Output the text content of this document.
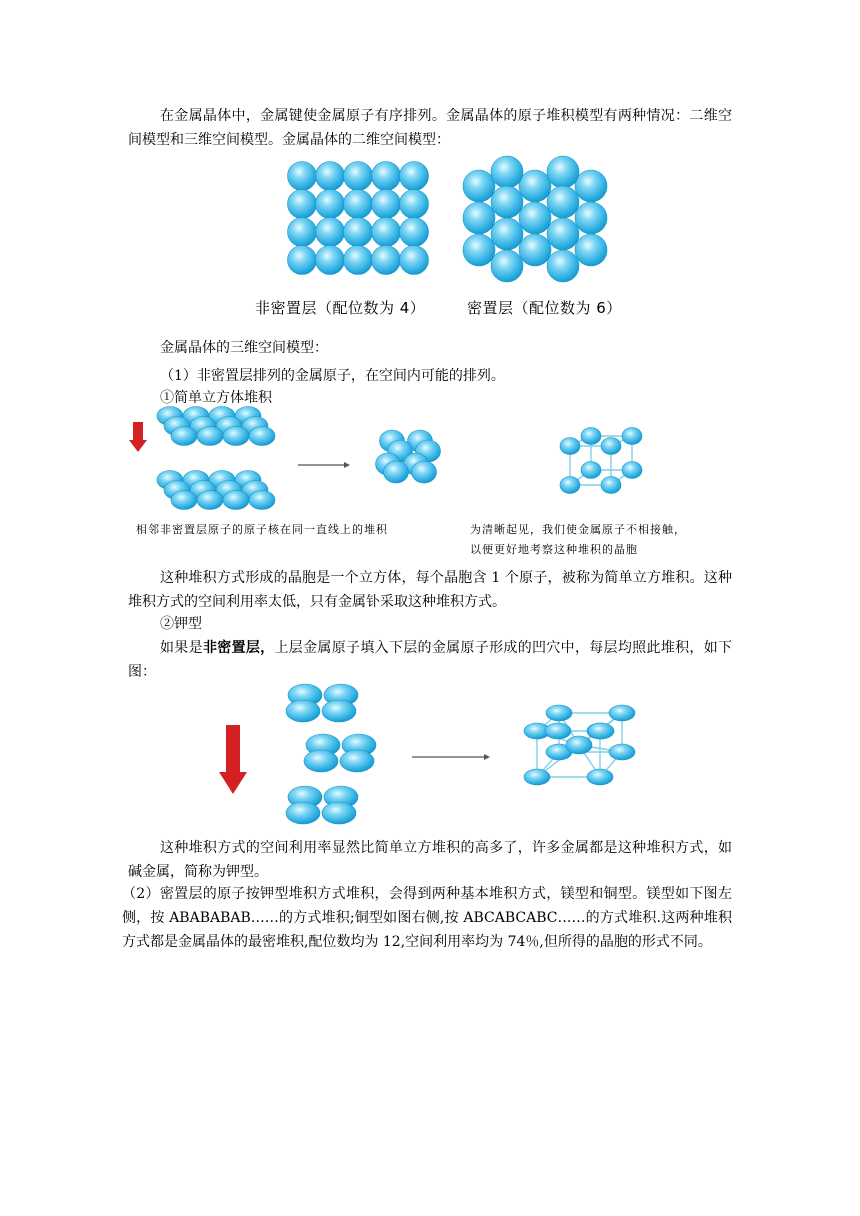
在金属晶体中，金属键使金属原子有序排列。金属晶体的原子堆积模型有两种情况：二维空间模型和三维空间模型。金属晶体的二维空间模型：
非密置层（配位数为 4）	密置层（配位数为 6）
金属晶体的三维空间模型：
（1）非密置层排列的金属原子，在空间内可能的排列。
①简单立方体堆积
相邻非密置层原子的原子核在同一直线上的堆积	为清晰起见，我们使金属原子不相接触，
以便更好地考察这种堆积的晶胞
这种堆积方式形成的晶胞是一个立方体，每个晶胞含 1 个原子，被称为简单立方堆积。这种堆积方式的空间利用率太低，只有金属钋采取这种堆积方式。
②钾型
如果是非密置层，上层金属原子填入下层的金属原子形成的凹穴中，每层均照此堆积，如下图：
这种堆积方式的空间利用率显然比简单立方堆积的高多了，许多金属都是这种堆积方式，如碱金属，简称为钾型。
（2）密置层的原子按钾型堆积方式堆积，会得到两种基本堆积方式，镁型和铜型。镁型如下图左侧，按 ABABABAB……的方式堆积;铜型如图右侧,按 ABCABCABC……的方式堆积.这两种堆积方式都是金属晶体的最密堆积,配位数均为 12,空间利用率均为 74％,但所得的晶胞的形式不同。
